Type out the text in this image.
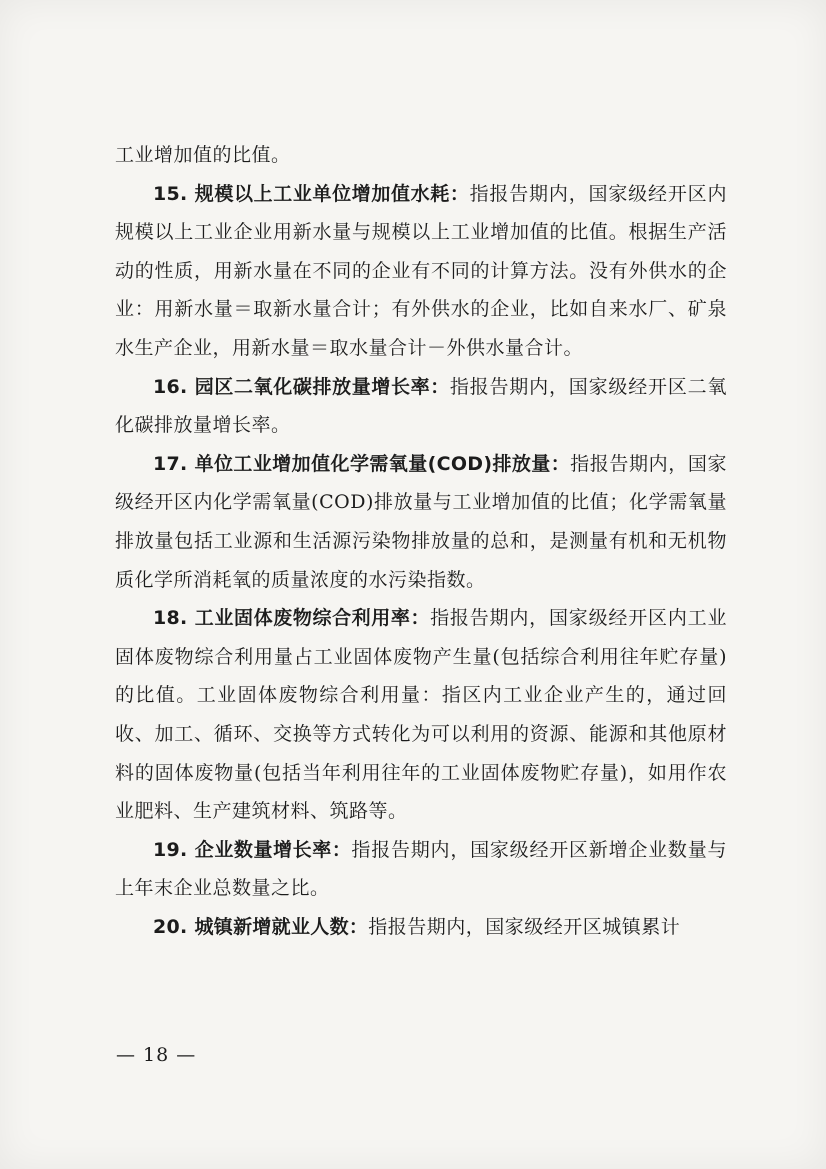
工业增加值的比值。

15. 规模以上工业单位增加值水耗：指报告期内，国家级经开区内规模以上工业企业用新水量与规模以上工业增加值的比值。根据生产活动的性质，用新水量在不同的企业有不同的计算方法。没有外供水的企业：用新水量＝取新水量合计；有外供水的企业，比如自来水厂、矿泉水生产企业，用新水量＝取水量合计－外供水量合计。

16. 园区二氧化碳排放量增长率：指报告期内，国家级经开区二氧化碳排放量增长率。

17. 单位工业增加值化学需氧量(COD)排放量：指报告期内，国家级经开区内化学需氧量(COD)排放量与工业增加值的比值；化学需氧量排放量包括工业源和生活源污染物排放量的总和，是测量有机和无机物质化学所消耗氧的质量浓度的水污染指数。

18. 工业固体废物综合利用率：指报告期内，国家级经开区内工业固体废物综合利用量占工业固体废物产生量(包括综合利用往年贮存量)的比值。工业固体废物综合利用量：指区内工业企业产生的，通过回收、加工、循环、交换等方式转化为可以利用的资源、能源和其他原材料的固体废物量(包括当年利用往年的工业固体废物贮存量)，如用作农业肥料、生产建筑材料、筑路等。

19. 企业数量增长率：指报告期内，国家级经开区新增企业数量与上年末企业总数量之比。

20. 城镇新增就业人数：指报告期内，国家级经开区城镇累计

— 18 —
